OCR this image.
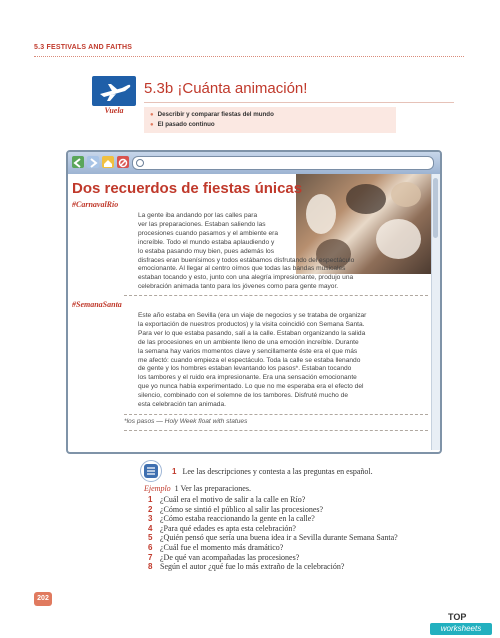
5.3 FESTIVALS AND FAITHS
Vuela
5.3b ¡Cuánta animación!
● Describir y comparar fiestas del mundo
● El pasado continuo
Dos recuerdos de fiestas únicas
#CarnavalRío
La gente iba andando por las calles para
ver las preparaciones. Estaban saliendo las
procesiones cuando pasamos y el ambiente era
increíble. Todo el mundo estaba aplaudiendo y
lo estaba pasando muy bien, pues además los
disfraces eran buenísimos y todos estábamos disfrutando del espectáculo
emocionante. Al llegar al centro oímos que todas las bandas musicales
estaban tocando y esto, junto con una alegría impresionante, produjo una
celebración animada tanto para los jóvenes como para gente mayor.
#SemanaSanta
Este año estaba en Sevilla (era un viaje de negocios y se trataba de organizar
la exportación de nuestros productos) y la visita coincidió con Semana Santa.
Para ver lo que estaba pasando, salí a la calle. Estaban organizando la salida
de las procesiones en un ambiente lleno de una emoción increíble. Durante
la semana hay varios momentos clave y sencillamente éste era el que más
me afectó: cuando empieza el espectáculo. Toda la calle se estaba llenando
de gente y los hombres estaban levantando los pasos*. Estaban tocando
los tambores y el ruido era impresionante. Era una sensación emocionante
que yo nunca había experimentado. Lo que no me esperaba era el efecto del
silencio, combinado con el solemne de los tambores. Disfruté mucho de
esta celebración tan animada.
*los pasos — Holy Week float with statues
1 Lee las descripciones y contesta a las preguntas en español.
Ejemplo 1 Ver las preparaciones.
1 ¿Cuál era el motivo de salir a la calle en Río?
2 ¿Cómo se sintió el público al salir las procesiones?
3 ¿Cómo estaba reaccionando la gente en la calle?
4 ¿Para qué edades es apta esta celebración?
5 ¿Quién pensó que sería una buena idea ir a Sevilla durante Semana Santa?
6 ¿Cuál fue el momento más dramático?
7 ¿De qué van acompañadas las procesiones?
8 Según el autor ¿qué fue lo más extraño de la celebración?
202
TOP
worksheets
